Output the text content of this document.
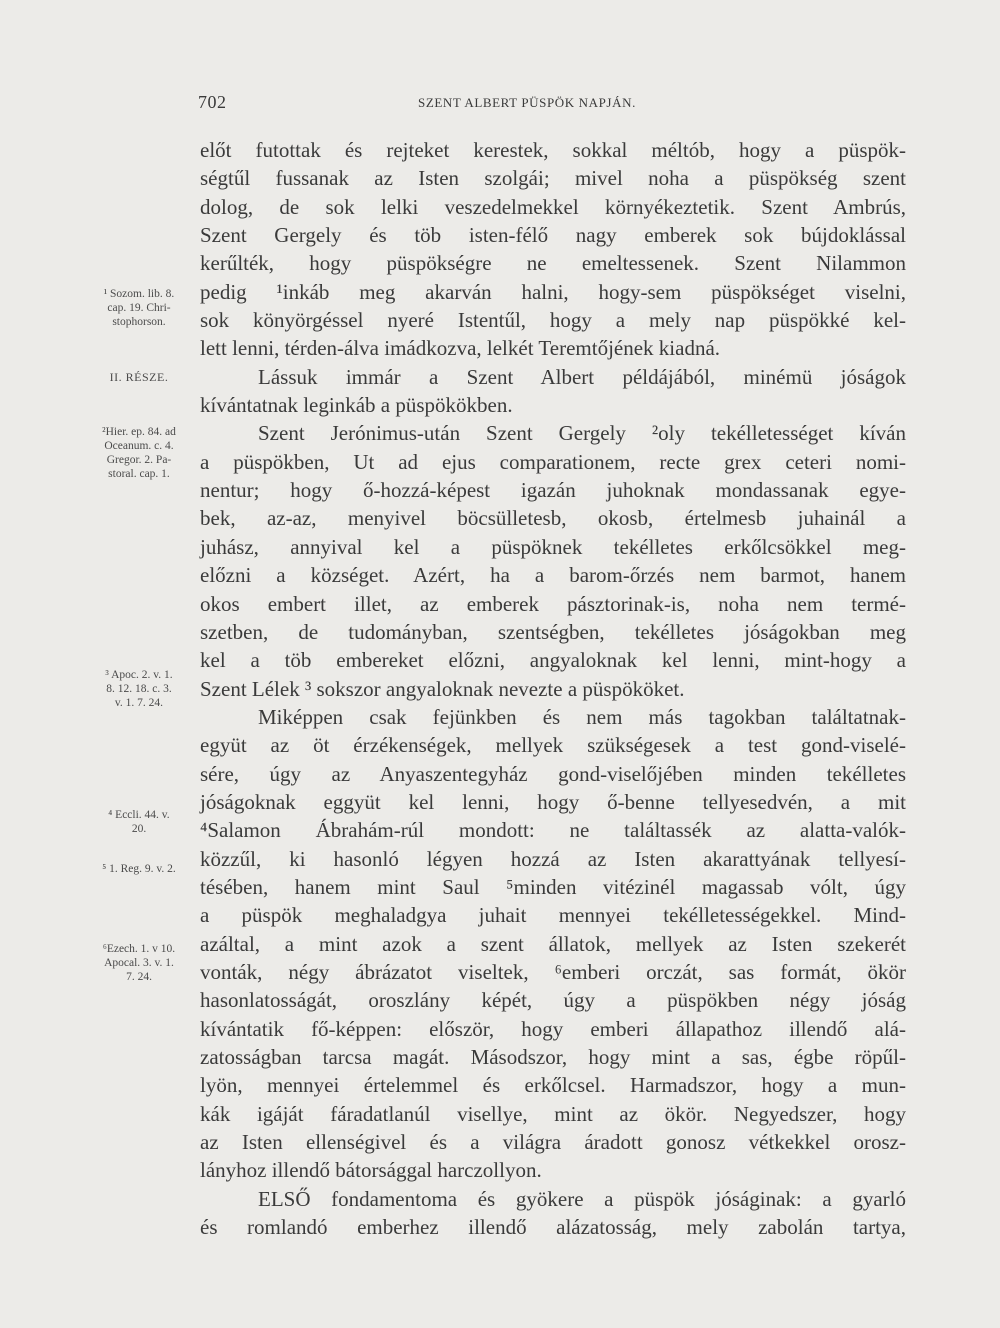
702	SZENT ALBERT PÜSPÖK NAPJÁN.
¹ Sozom. lib. 8.
cap. 19. Chri-
stophorson.
II. RÉSZE.
²Hier. ep. 84. ad
Oceanum. c. 4.
Gregor. 2. Pa-
storal. cap. 1.
³ Apoc. 2. v. 1.
8. 12. 18. c. 3.
v. 1. 7. 24.
⁴ Eccli. 44. v.
20.
⁵ 1. Reg. 9. v. 2.
⁶Ezech. 1. v 10.
Apocal. 3. v. 1.
7. 24.
előt futottak és rejteket kerestek, sokkal méltób, hogy a püspök-
ségtűl fussanak az Isten szolgái; mivel noha a püspökség szent
dolog, de sok lelki veszedelmekkel környékeztetik. Szent Ambrús,
Szent Gergely és töb isten-félő nagy emberek sok bújdoklással
kerűlték, hogy püspökségre ne emeltessenek. Szent Nilammon
pedig ¹inkáb meg akarván halni, hogy-sem püspökséget viselni,
sok könyörgéssel nyeré Istentűl, hogy a mely nap püspökké kel-
lett lenni, térden-álva imádkozva, lelkét Teremtőjének kiadná.
Lássuk immár a Szent Albert példájából, minémü jóságok
kívántatnak leginkáb a püspökökben.
Szent Jerónimus-után Szent Gergely ²oly tekélletességet kíván
a püspökben, Ut ad ejus comparationem, recte grex ceteri nomi-
nentur; hogy ő-hozzá-képest igazán juhoknak mondassanak egye-
bek, az-az, menyivel böcsülletesb, okosb, értelmesb juhainál a
juhász, annyival kel a püspöknek tekélletes erkőlcsökkel meg-
előzni a községet. Azért, ha a barom-őrzés nem barmot, hanem
okos embert illet, az emberek pásztorinak-is, noha nem termé-
szetben, de tudományban, szentségben, tekélletes jóságokban meg
kel a töb embereket előzni, angyaloknak kel lenni, mint-hogy a
Szent Lélek ³ sokszor angyaloknak nevezte a püspököket.
Miképpen csak fejünkben és nem más tagokban találtatnak-
együt az öt érzékenségek, mellyek szükségesek a test gond-viselé-
sére, úgy az Anyaszentegyház gond-viselőjében minden tekélletes
jóságoknak eggyüt kel lenni, hogy ő-benne tellyesedvén, a mit
⁴Salamon Ábrahám-rúl mondott: ne találtassék az alatta-valók-
közzűl, ki hasonló légyen hozzá az Isten akarattyának tellyesí-
tésében, hanem mint Saul ⁵minden vitézinél magassab vólt, úgy
a püspök meghaladgya juhait mennyei tekélletességekkel. Mind-
azáltal, a mint azok a szent állatok, mellyek az Isten szekerét
vonták, négy ábrázatot viseltek, ⁶emberi orczát, sas formát, ökör
hasonlatosságát, oroszlány képét, úgy a püspökben négy jóság
kívántatik fő-képpen: először, hogy emberi állapathoz illendő alá-
zatosságban tarcsa magát. Másodszor, hogy mint a sas, égbe röpűl-
lyön, mennyei értelemmel és erkőlcsel. Harmadszor, hogy a mun-
kák igáját fáradatlanúl visellye, mint az ökör. Negyedszer, hogy
az Isten ellenségivel és a világra áradott gonosz vétkekkel orosz-
lányhoz illendő bátorsággal harczollyon.
ELSŐ fondamentoma és gyökere a püspök jóságinak: a gyarló
és romlandó emberhez illendő alázatosság, mely zabolán tartya,
